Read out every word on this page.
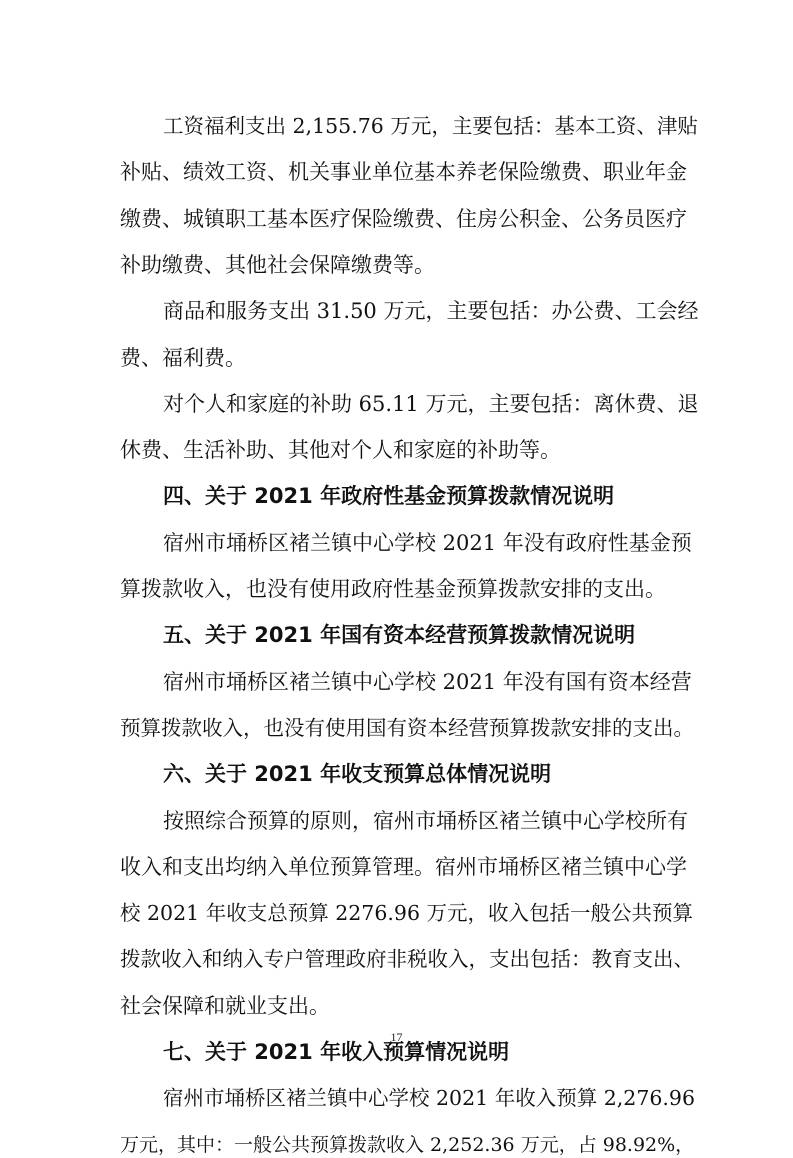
工资福利支出 2,155.76 万元，主要包括：基本工资、津贴
补贴、绩效工资、机关事业单位基本养老保险缴费、职业年金
缴费、城镇职工基本医疗保险缴费、住房公积金、公务员医疗
补助缴费、其他社会保障缴费等。
商品和服务支出 31.50 万元，主要包括：办公费、工会经
费、福利费。
对个人和家庭的补助 65.11 万元，主要包括：离休费、退
休费、生活补助、其他对个人和家庭的补助等。
四、关于 2021 年政府性基金预算拨款情况说明
宿州市埇桥区褚兰镇中心学校 2021 年没有政府性基金预
算拨款收入，也没有使用政府性基金预算拨款安排的支出。
五、关于 2021 年国有资本经营预算拨款情况说明
宿州市埇桥区褚兰镇中心学校 2021 年没有国有资本经营
预算拨款收入，也没有使用国有资本经营预算拨款安排的支出。
六、关于 2021 年收支预算总体情况说明
按照综合预算的原则，宿州市埇桥区褚兰镇中心学校所有
收入和支出均纳入单位预算管理。宿州市埇桥区褚兰镇中心学
校 2021 年收支总预算 2276.96 万元，收入包括一般公共预算
拨款收入和纳入专户管理政府非税收入，支出包括：教育支出、
社会保障和就业支出。
七、关于 2021 年收入预算情况说明
宿州市埇桥区褚兰镇中心学校 2021 年收入预算 2,276.96
万元，其中：一般公共预算拨款收入 2,252.36 万元，占 98.92%，
17
